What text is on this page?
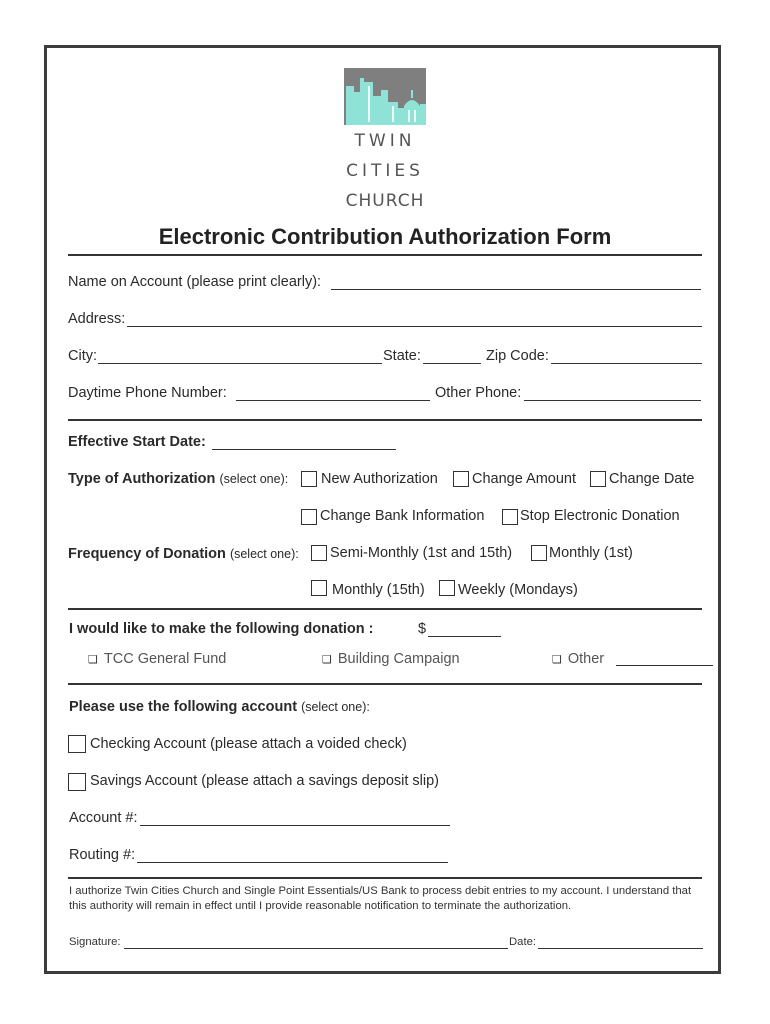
TWIN
CITIES
CHURCH
Electronic Contribution Authorization Form
Name on Account (please print clearly):
Address:
City:	State:	Zip Code:
Daytime Phone Number:	Other Phone:
Effective Start Date:
Type of Authorization (select one): New Authorization Change Amount Change Date
Change Bank Information Stop Electronic Donation
Frequency of Donation (select one): Semi-Monthly (1st and 15th)	Monthly (1st)
Monthly (15th) Weekly (Mondays)
I would like to make the following donation :	$
❑ TCC General Fund	❑ Building Campaign	❑ Other
Please use the following account (select one):
Checking Account (please attach a voided check)
Savings Account (please attach a savings deposit slip)
Account #:
Routing #:
I authorize Twin Cities Church and Single Point Essentials/US Bank to process debit entries to my account. I understand that this authority will remain in effect until I provide reasonable notification to terminate the authorization.
Signature:	Date:
